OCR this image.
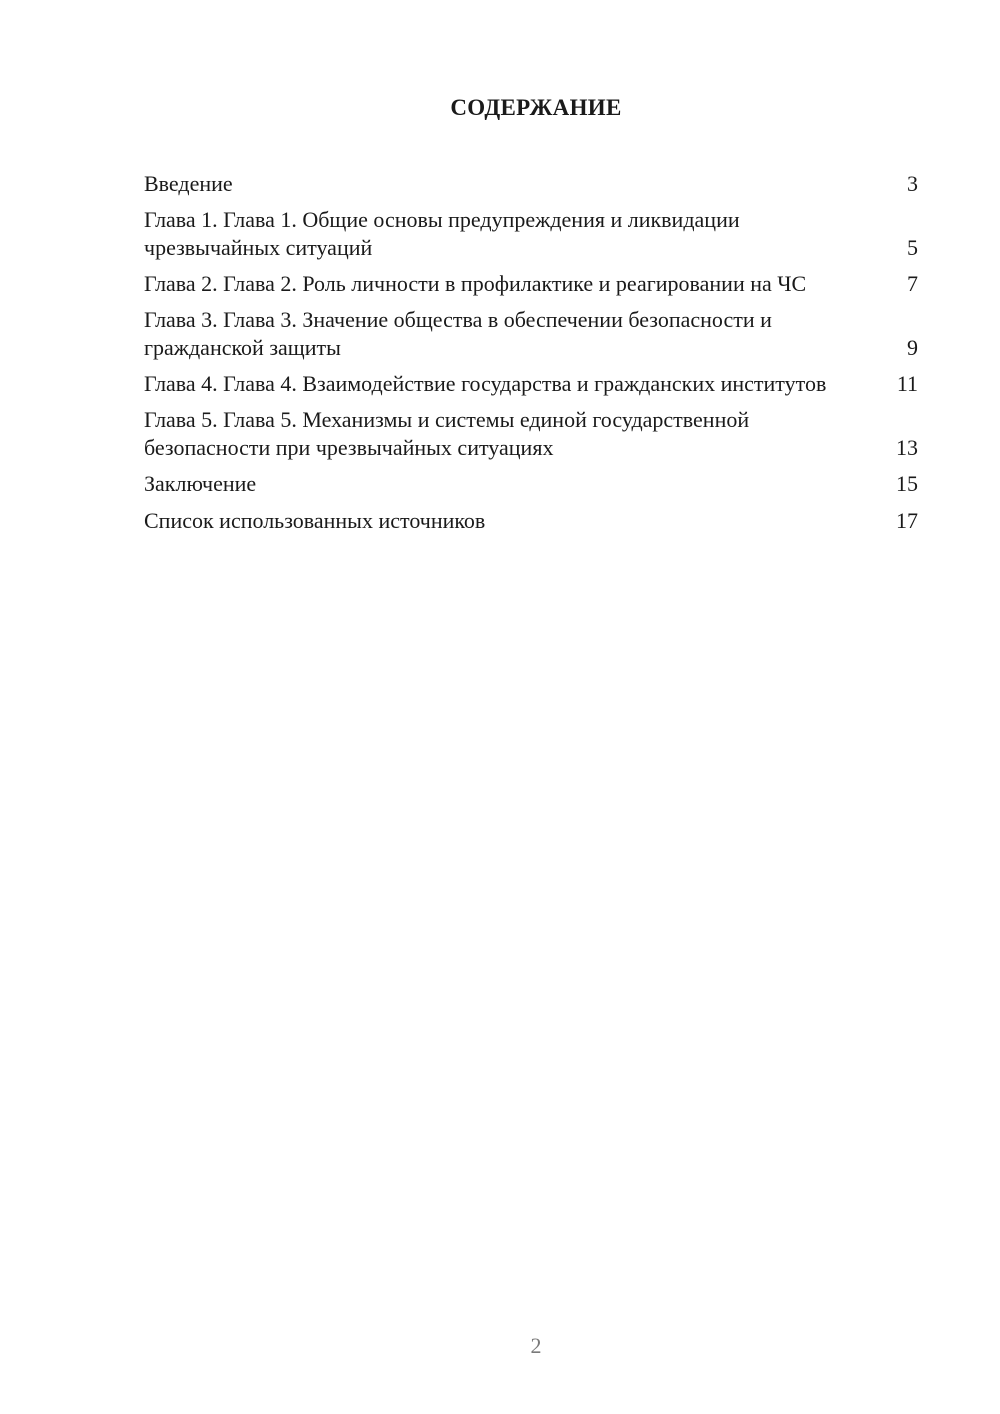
СОДЕРЖАНИЕ
Введение	3
Глава 1. Глава 1. Общие основы предупреждения и ликвидации чрезвычайных ситуаций	5
Глава 2. Глава 2. Роль личности в профилактике и реагировании на ЧС	7
Глава 3. Глава 3. Значение общества в обеспечении безопасности и гражданской защиты	9
Глава 4. Глава 4. Взаимодействие государства и гражданских институтов	11
Глава 5. Глава 5. Механизмы и системы единой государственной безопасности при чрезвычайных ситуациях	13
Заключение	15
Список использованных источников	17
2
